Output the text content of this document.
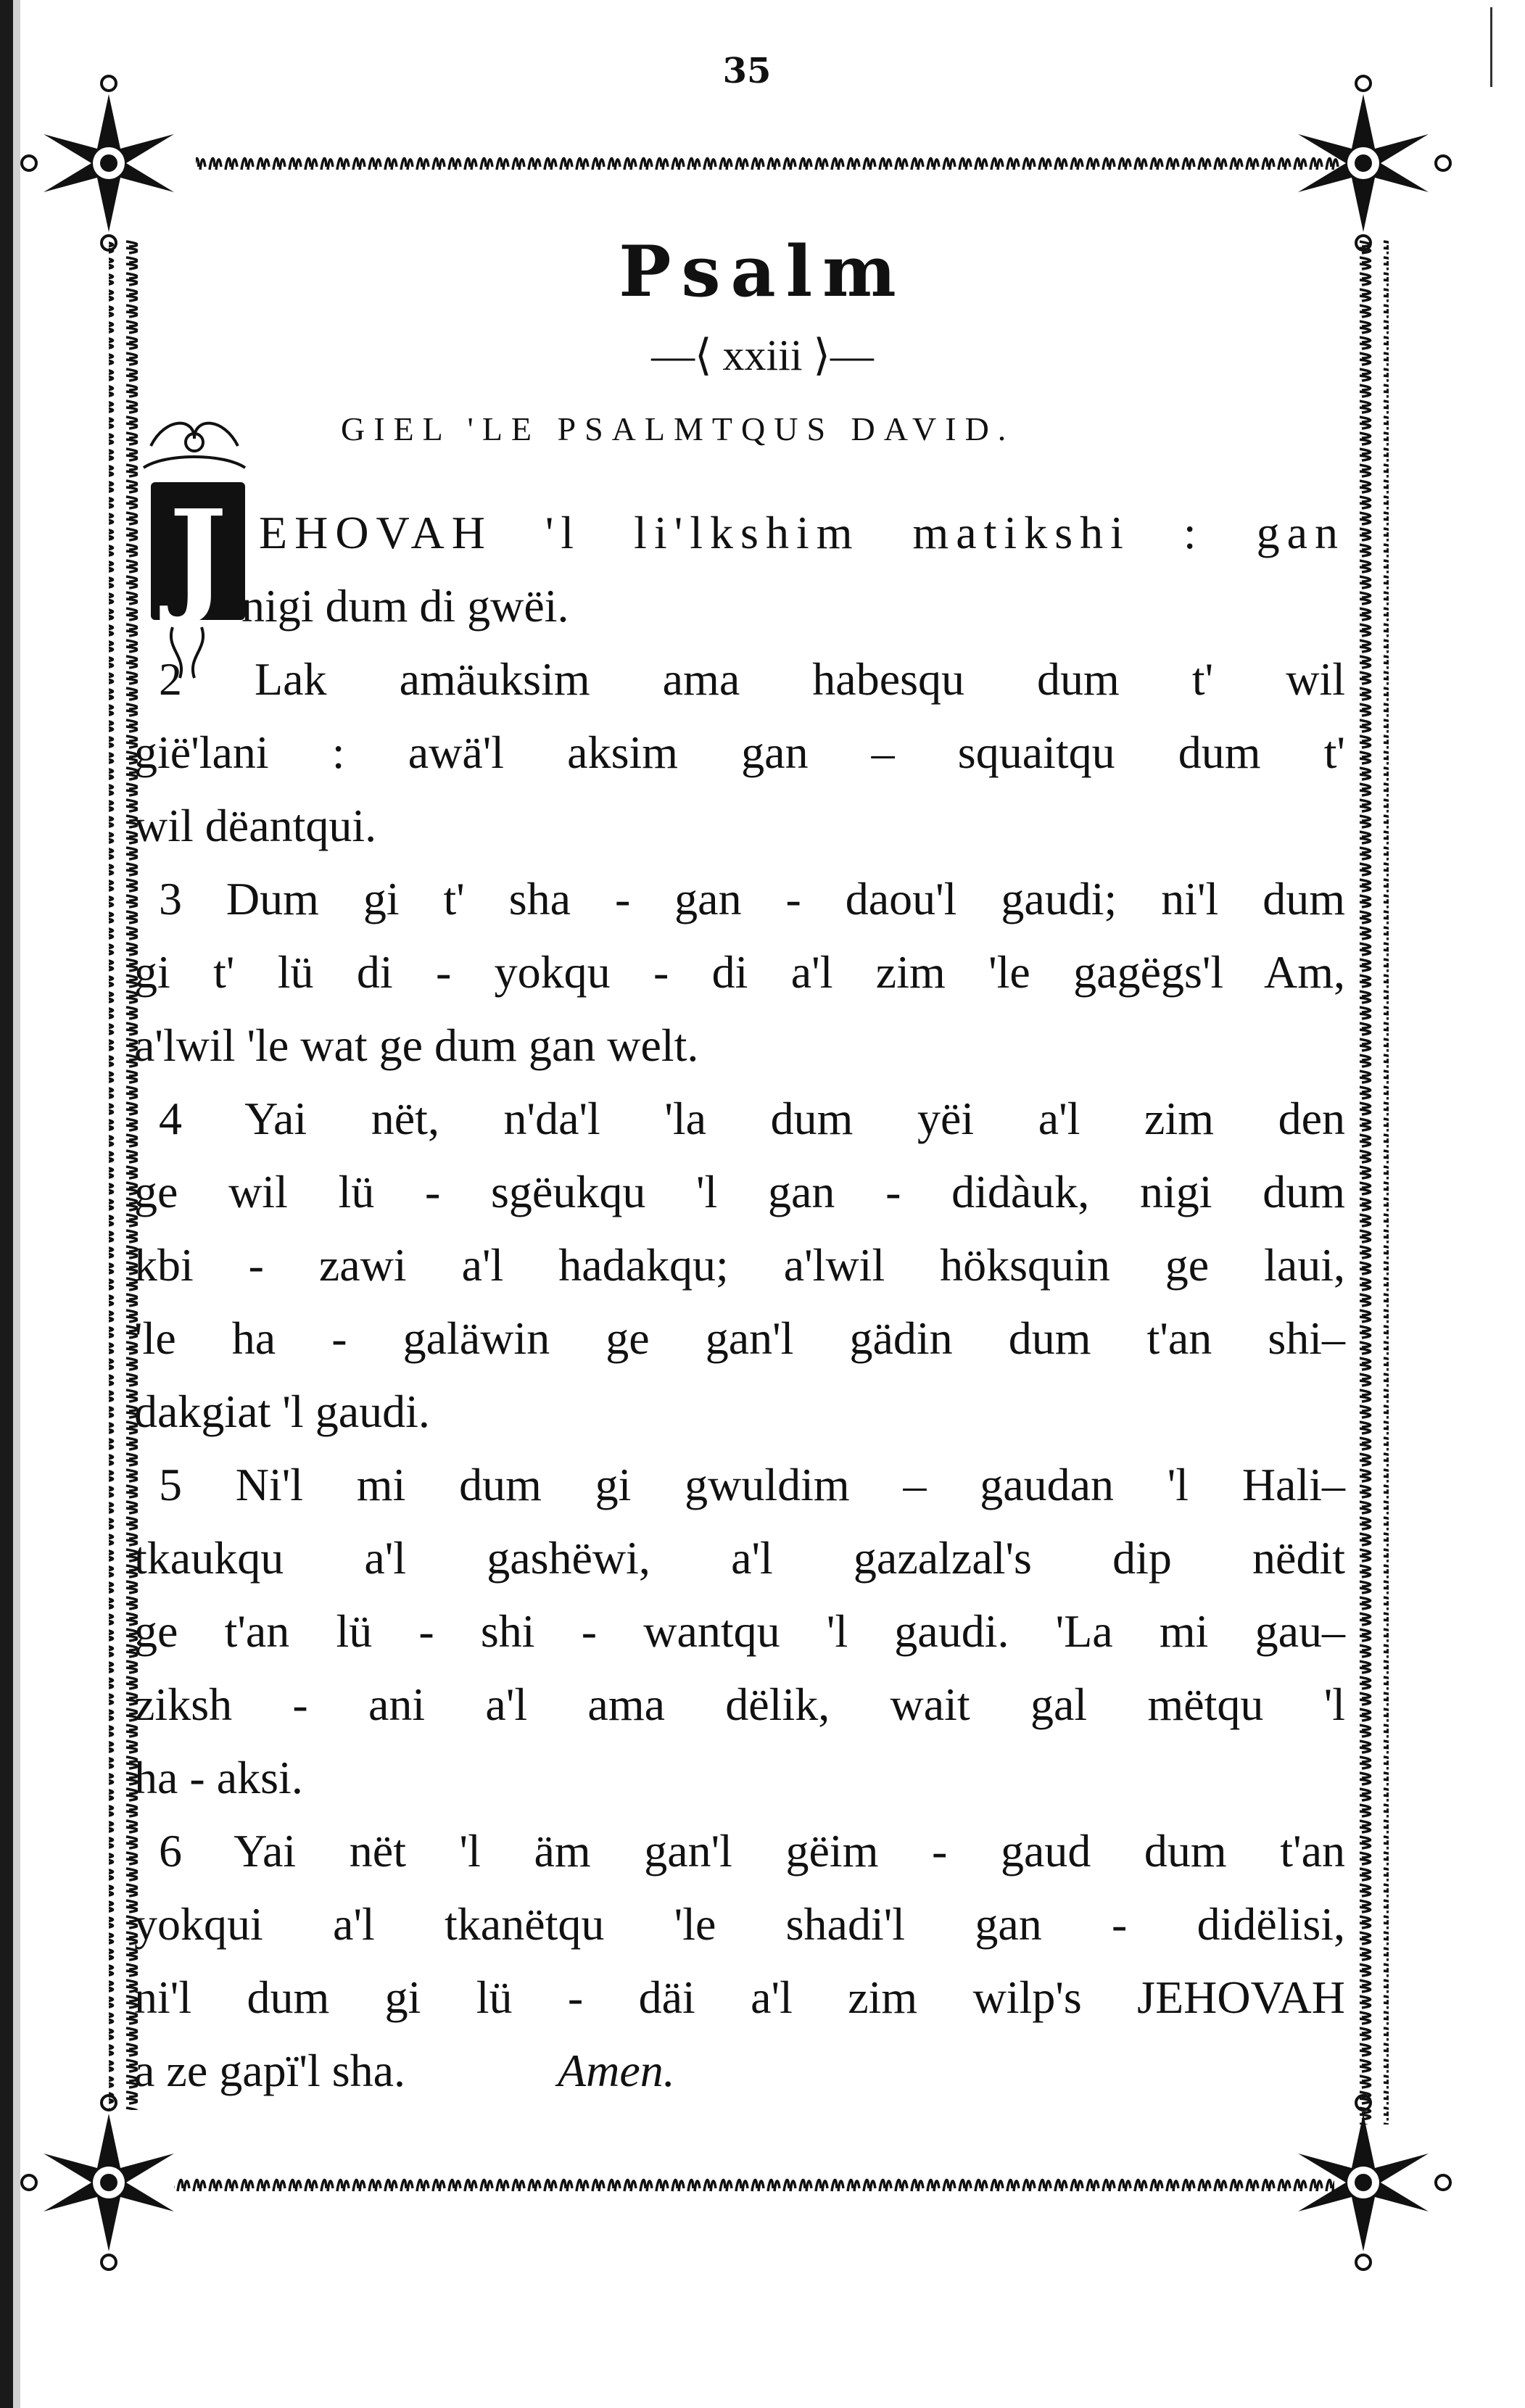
35
Psalm
—⟨ xxiii ⟩—
GIEL 'LE PSALMTQUS DAVID.
J EHOVAH 'l li'lkshim matikshi : gan
nigi dum di gwëi.
2 Lak amäuksim ama habesqu dum t' wil
gië'lani : awä'l aksim gan – squaitqu dum t'
wil dëantqui.
3 Dum gi t' sha - gan - daou'l gaudi; ni'l dum
gi t' lü di - yokqu - di a'l zim 'le gagëgs'l Am,
a'lwil 'le wat ge dum gan welt.
4 Yai nët, n'da'l 'la dum yëi a'l zim den
ge wil lü - sgëukqu 'l gan - didàuk, nigi dum
kbi - zawi a'l hadakqu; a'lwil höksquin ge laui,
'le ha - galäwin ge gan'l gädin dum t'an shi–
dakgiat 'l gaudi.
5 Ni'l mi dum gi gwuldim – gaudan 'l Hali–
tkaukqu a'l gashëwi, a'l gazalzal's dip nëdit
ge t'an lü - shi - wantqu 'l gaudi. 'La mi gau–
ziksh - ani a'l ama dëlik, wait gal mëtqu 'l
ha - aksi.
6 Yai nët 'l äm gan'l gëim - gaud dum t'an
yokqui a'l tkanëtqu 'le shadi'l gan - didëlisi,
ni'l dum gi lü - däi a'l zim wilp's JEHOVAH
a ze gapï'l sha.	Amen.
